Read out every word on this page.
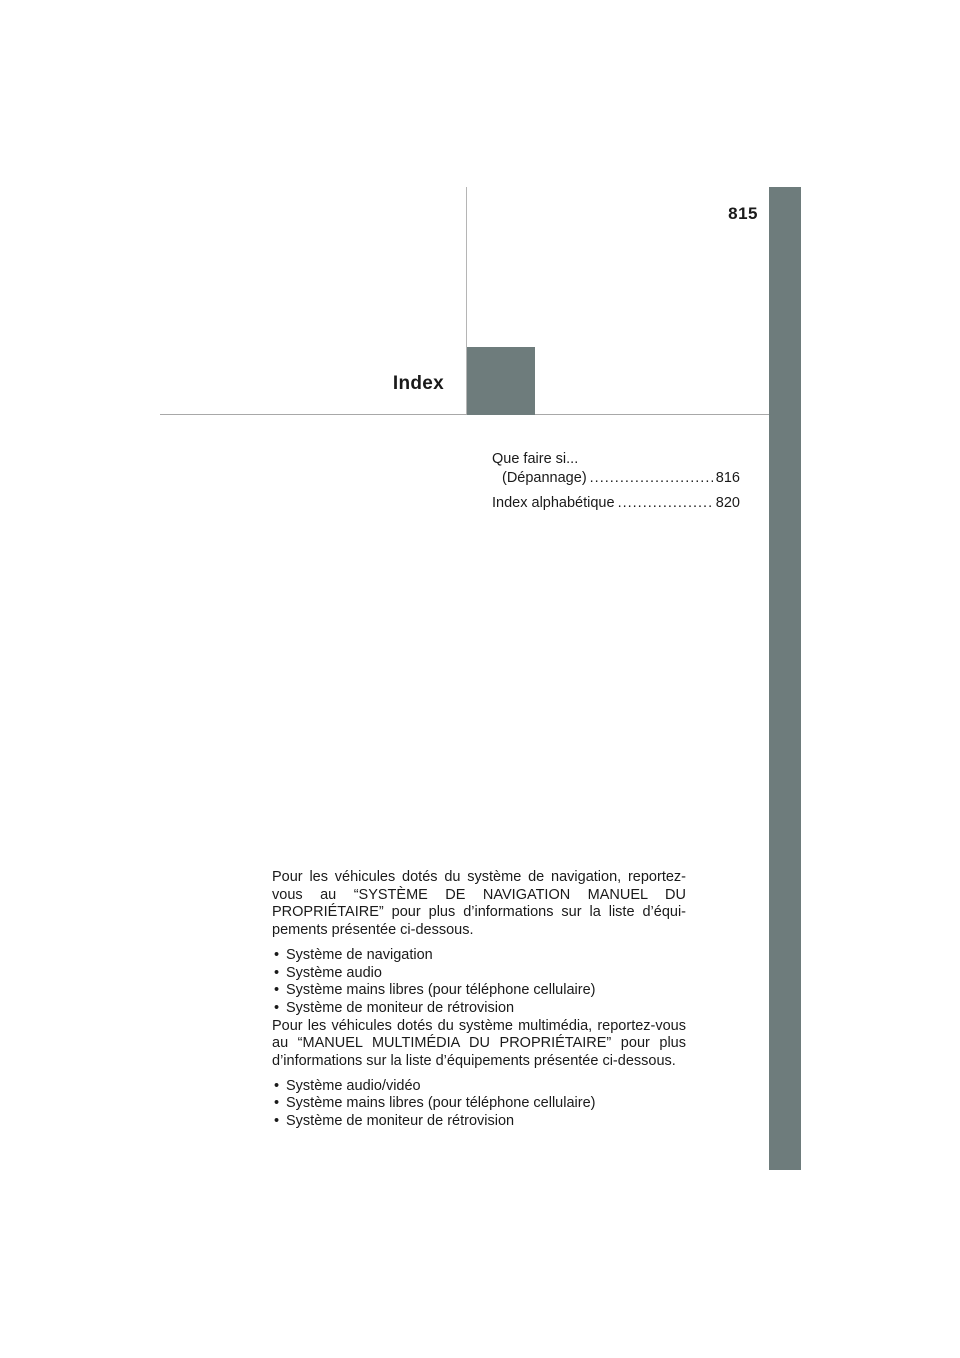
815
Index
Que faire si...
(Dépannage) .....	816
Index alphabétique .....	820

Pour les véhicules dotés du système de navigation, reportez-vous au “SYSTÈME DE NAVIGATION MANUEL DU PROPRIÉTAIRE” pour plus d’informations sur la liste d’équi-pements présentée ci-dessous.

• Système de navigation
• Système audio
• Système mains libres (pour téléphone cellulaire)
• Système de moniteur de rétrovision

Pour les véhicules dotés du système multimédia, reportez-vous au “MANUEL MULTIMÉDIA DU PROPRIÉTAIRE” pour plus d’informations sur la liste d’équipements présentée ci-dessous.

• Système audio/vidéo
• Système mains libres (pour téléphone cellulaire)
• Système de moniteur de rétrovision
